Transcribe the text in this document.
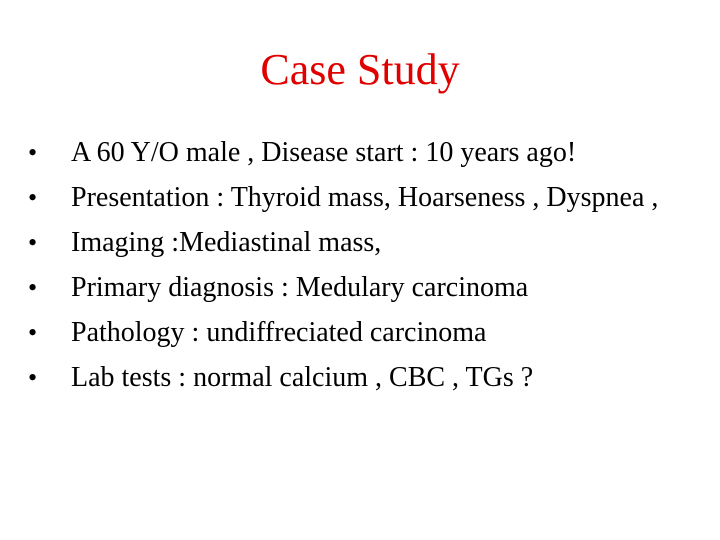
Case Study
•	A 60 Y/O male , Disease start : 10 years ago!
•	Presentation : Thyroid mass, Hoarseness , Dyspnea ,
•	Imaging :Mediastinal mass,
•	Primary diagnosis : Medulary carcinoma
•	Pathology : undiffreciated carcinoma
•	Lab tests : normal calcium , CBC , TGs ?
